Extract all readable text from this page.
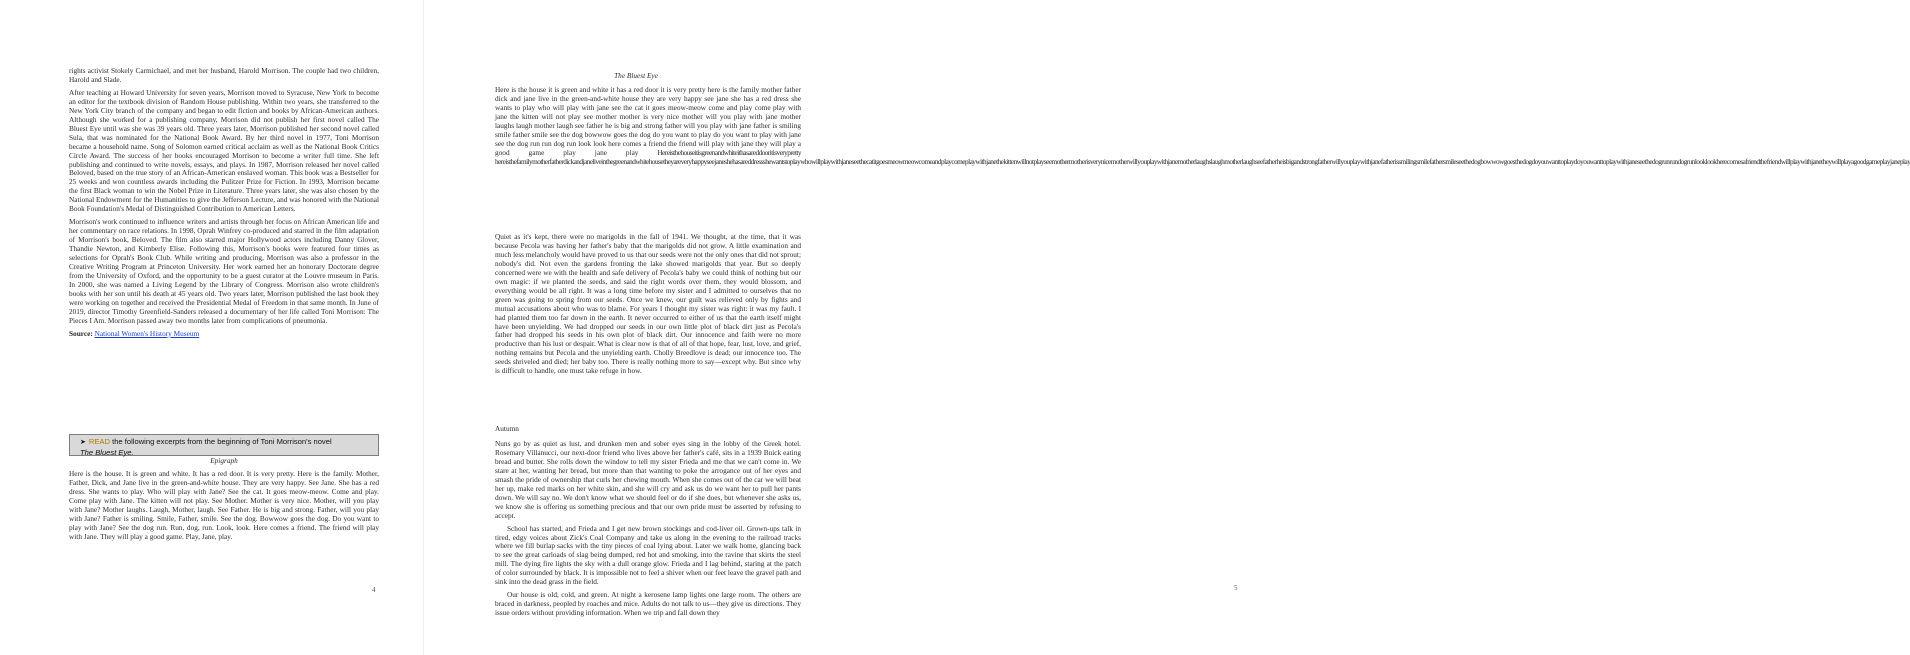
rights activist Stokely Carmichael, and met her husband, Harold Morrison. The couple had two children, Harold and Slade.

After teaching at Howard University for seven years, Morrison moved to Syracuse, New York to become an editor for the textbook division of Random House publishing. Within two years, she transferred to the New York City branch of the company and began to edit fiction and books by African-American authors. Although she worked for a publishing company, Morrison did not publish her first novel called The Bluest Eye until was she was 39 years old. Three years later, Morrison published her second novel called Sula, that was nominated for the National Book Award. By her third novel in 1977, Toni Morrison became a household name. Song of Solomon earned critical acclaim as well as the National Book Critics Circle Award. The success of her books encouraged Morrison to become a writer full time. She left publishing and continued to write novels, essays, and plays. In 1987, Morrison released her novel called Beloved, based on the true story of an African-American enslaved woman. This book was a Bestseller for 25 weeks and won countless awards including the Pulitzer Prize for Fiction. In 1993, Morrison became the first Black woman to win the Nobel Prize in Literature. Three years later, she was also chosen by the National Endowment for the Humanities to give the Jefferson Lecture, and was honored with the National Book Foundation's Medal of Distinguished Contribution to American Letters.

Morrison's work continued to influence writers and artists through her focus on African American life and her commentary on race relations. In 1998, Oprah Winfrey co-produced and starred in the film adaptation of Morrison's book, Beloved. The film also starred major Hollywood actors including Danny Glover, Thandie Newton, and Kimberly Elise. Following this, Morrison's books were featured four times as selections for Oprah's Book Club. While writing and producing, Morrison was also a professor in the Creative Writing Program at Princeton University. Her work earned her an honorary Doctorate degree from the University of Oxford, and the opportunity to be a guest curator at the Louvre museum in Paris. In 2000, she was named a Living Legend by the Library of Congress. Morrison also wrote children's books with her son until his death at 45 years old. Two years later, Morrison published the last book they were working on together and received the Presidential Medal of Freedom in that same month. In June of 2019, director Timothy Greenfield-Sanders released a documentary of her life called Toni Morrison: The Pieces I Am. Morrison passed away two months later from complications of pneumonia.

Source: National Women's History Museum

➤ READ the following excerpts from the beginning of Toni Morrison's novel
The Bluest Eye.
Epigraph
Here is the house. It is green and white. It has a red door. It is very pretty. Here is the family. Mother, Father, Dick, and Jane live in the green-and-white house. They are very happy. See Jane. She has a red dress. She wants to play. Who will play with Jane? See the cat. It goes meow-meow. Come and play. Come play with Jane. The kitten will not play. See Mother. Mother is very nice. Mother, will you play with Jane? Mother laughs. Laugh, Mother, laugh. See Father. He is big and strong. Father, will you play with Jane? Father is smiling. Smile, Father, smile. See the dog. Bowwow goes the dog. Do you want to play with Jane? See the dog run. Run, dog, run. Look, look. Here comes a friend. The friend will play with Jane. They will play a good game. Play, Jane, play.
4
The Bluest Eye
Here is the house it is green and white it has a red door it is very pretty here is the family mother father dick and jane live in the green-and-white house they are very happy see jane she has a red dress she wants to play who will play with jane see the cat it goes meow-meow come and play come play with jane the kitten will not play see mother mother is very nice mother will you play with jane mother laughs laugh mother laugh see father he is big and strong father will you play with jane father is smiling smile father smile see the dog bowwow goes the dog do you want to play do you want to play with jane see the dog run run dog run look look here comes a friend the friend will play with jane they will play a good game play jane play	Hereisthehouseitisgreenandwhiteithasareddooritisverypretty hereisthefamilymotherfatherdickandjaneliveinthegreenandwhitehousetheyareveryhappyseejaneshehasareddressshewantstoplaywhowillplaywithjaneseethecatitgoesmeowmeowcomeandplaycomeplaywithjanethekittenwillnotplayseemothermotherisverynicemotherwillyouplaywithjanemotherlaughslaughmotherlaughseefatherheisbigandstrongfatherwillyouplaywithjanefatherissmilingsmilefathersmileseethedogbowwowgoesthedogdoyouwanttoplaydoyouwanttoplaywithjaneseethedogrunrundogrunlooklookherecomesafriendthefriendwillplaywithjanetheywillplayagoodgameplayjaneplay
Quiet as it's kept, there were no marigolds in the fall of 1941. We thought, at the time, that it was because Pecola was having her father's baby that the marigolds did not grow. A little examination and much less melancholy would have proved to us that our seeds were not the only ones that did not sprout; nobody's did. Not even the gardens fronting the lake showed marigolds that year. But so deeply concerned were we with the health and safe delivery of Pecola's baby we could think of nothing but our own magic: if we planted the seeds, and said the right words over them, they would blossom, and everything would be all right. It was a long time before my sister and I admitted to ourselves that no green was going to spring from our seeds. Once we knew, our guilt was relieved only by fights and mutual accusations about who was to blame. For years I thought my sister was right: it was my fault. I had planted them too far down in the earth. It never occurred to either of us that the earth itself might have been unyielding. We had dropped our seeds in our own little plot of black dirt just as Pecola's father had dropped his seeds in his own plot of black dirt. Our innocence and faith were no more productive than his lust or despair. What is clear now is that of all of that hope, fear, lust, love, and grief, nothing remains but Pecola and the unyielding earth. Cholly Breedlove is dead; our innocence too. The seeds shriveled and died; her baby too. There is really nothing more to say—except why. But since why is difficult to handle, one must take refuge in how.
Autumn

Nuns go by as quiet as lust, and drunken men and sober eyes sing in the lobby of the Greek hotel. Rosemary Villanucci, our next-door friend who lives above her father's café, sits in a 1939 Buick eating bread and butter. She rolls down the window to tell my sister Frieda and me that we can't come in. We stare at her, wanting her bread, but more than that wanting to poke the arrogance out of her eyes and smash the pride of ownership that curls her chewing mouth. When she comes out of the car we will beat her up, make red marks on her white skin, and she will cry and ask us do we want her to pull her pants down. We will say no. We don't know what we should feel or do if she does, but whenever she asks us, we know she is offering us something precious and that our own pride must be asserted by refusing to accept.

School has started, and Frieda and I get new brown stockings and cod-liver oil. Grown-ups talk in tired, edgy voices about Zick's Coal Company and take us along in the evening to the railroad tracks where we fill burlap sacks with the tiny pieces of coal lying about. Later we walk home, glancing back to see the great carloads of slag being dumped, red hot and smoking, into the ravine that skirts the steel mill. The dying fire lights the sky with a dull orange glow. Frieda and I lag behind, staring at the patch of color surrounded by black. It is impossible not to feel a shiver when our feet leave the gravel path and sink into the dead grass in the field.

Our house is old, cold, and green. At night a kerosene lamp lights one large room. The others are braced in darkness, peopled by roaches and mice. Adults do not talk to us—they give us directions. They issue orders without providing information. When we trip and fall down they

5
